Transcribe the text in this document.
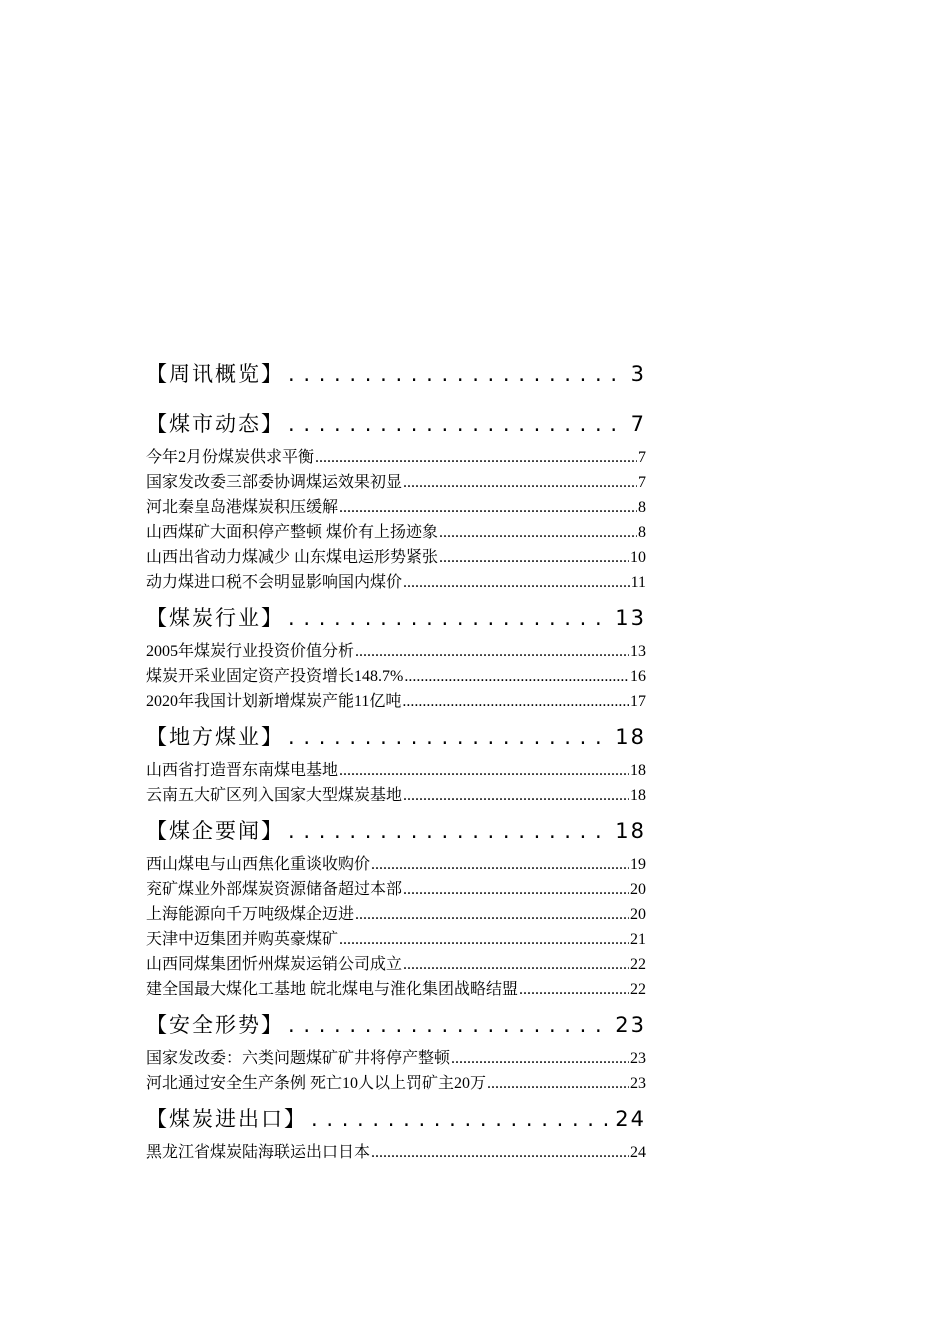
【周讯概览】 . . .	3
【煤市动态】 . . .	7
今年2月份煤炭供求平衡 .....	7
国家发改委三部委协调煤运效果初显 .....	7
河北秦皇岛港煤炭积压缓解 .....	8
山西煤矿大面积停产整顿 煤价有上扬迹象 .....	8
山西出省动力煤减少 山东煤电运形势紧张 .....	10
动力煤进口税不会明显影响国内煤价 .....	11
【煤炭行业】 . . .	13
2005年煤炭行业投资价值分析 .....	13
煤炭开采业固定资产投资增长148.7% .....	16
2020年我国计划新增煤炭产能11亿吨 .....	17
【地方煤业】 . . .	18
山西省打造晋东南煤电基地 .....	18
云南五大矿区列入国家大型煤炭基地 .....	18
【煤企要闻】 . . .	18
西山煤电与山西焦化重谈收购价 .....	19
兖矿煤业外部煤炭资源储备超过本部 .....	20
上海能源向千万吨级煤企迈进 .....	20
天津中迈集团并购英豪煤矿 .....	21
山西同煤集团忻州煤炭运销公司成立 .....	22
建全国最大煤化工基地 皖北煤电与淮化集团战略结盟 .....	22
【安全形势】 . . .	23
国家发改委：六类问题煤矿矿井将停产整顿 .....	23
河北通过安全生产条例 死亡10人以上罚矿主20万 .....	23
【煤炭进出口】 . . .	24
黑龙江省煤炭陆海联运出口日本 .....	24
